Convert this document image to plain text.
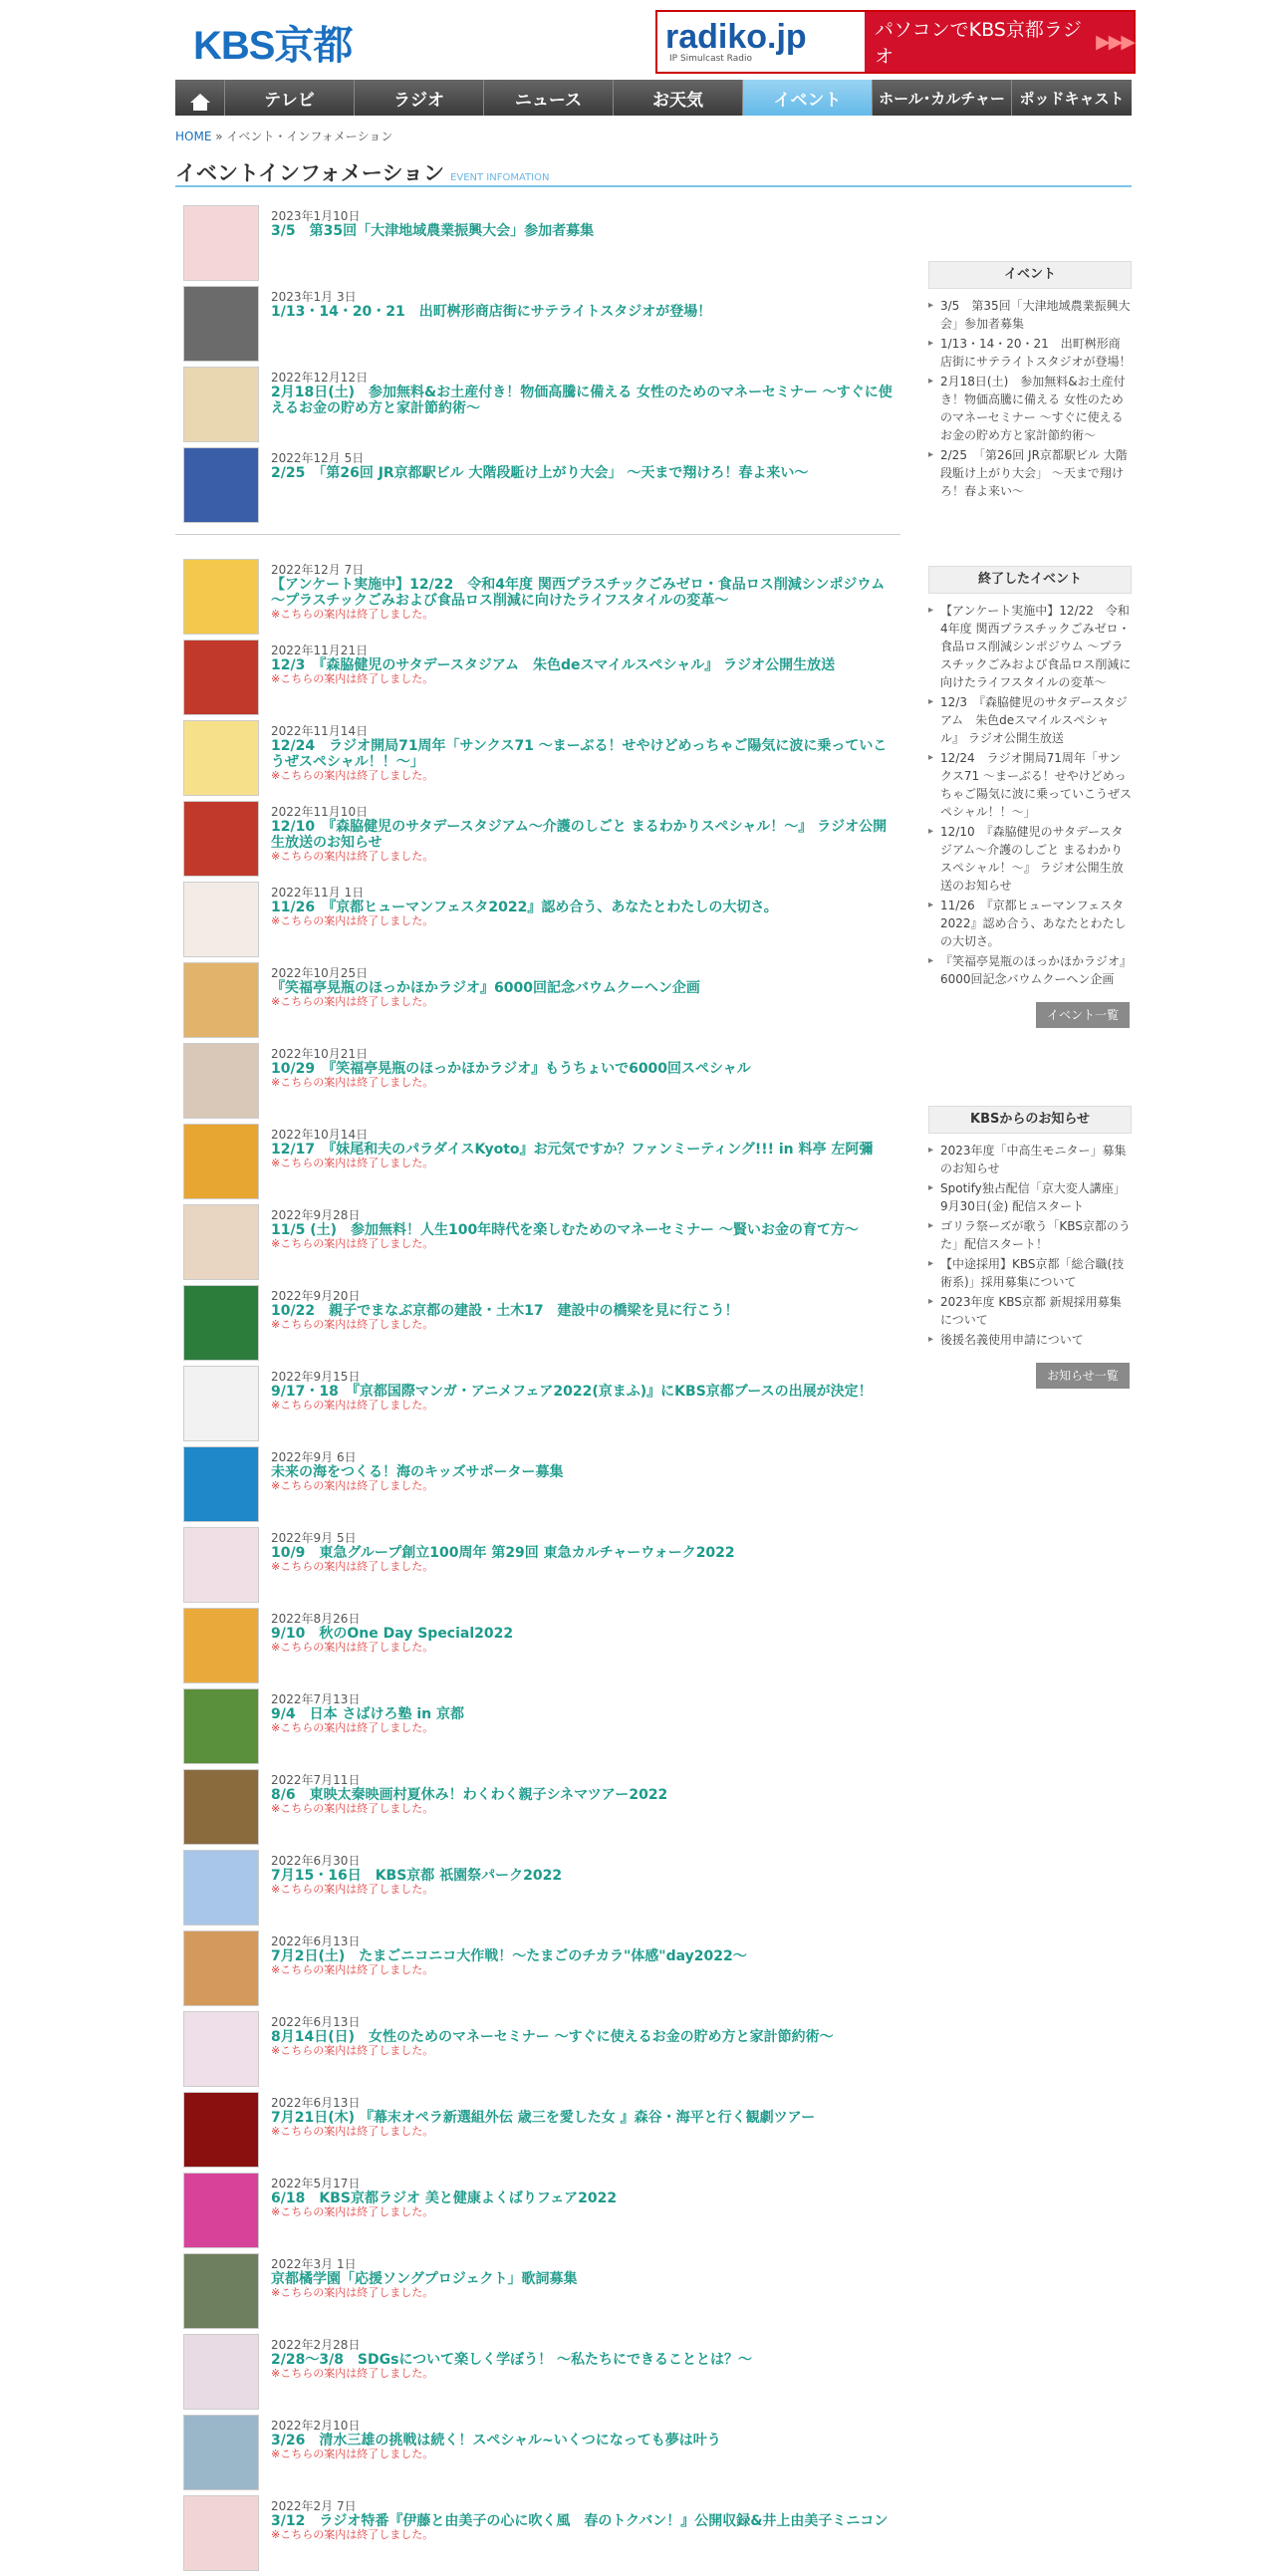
KBS京都	radiko.jp
IP Simulcast Radio
パソコンでKBS京都ラジオ
▶▶▶
テレビ	ラジオ	ニュース	お天気	イベント	ホール･カルチャー ポッドキャスト
HOME » イベント・インフォメーション
イベントインフォメーション EVENT INFOMATION
2023年1月10日
3/5　第35回「大津地域農業振興大会」参加者募集
2023年1月 3日
1/13・14・20・21　出町桝形商店街にサテライトスタジオが登場！
2022年12月12日
2月18日(土)　参加無料&お土産付き！物価高騰に備える 女性のためのマネーセミナー ～すぐに使えるお金の貯め方と家計節約術～
2022年12月 5日
2/25　「第26回 JR京都駅ビル 大階段駈け上がり大会」 ～天まで翔けろ！春よ来い～
2022年12月 7日
【アンケート実施中】12/22　令和4年度 関西プラスチックごみゼロ・食品ロス削減シンポジウム ～プラスチックごみおよび食品ロス削減に向けたライフスタイルの変革～
※こちらの案内は終了しました。
2022年11月21日
12/3　『森脇健児のサタデースタジアム　朱色deスマイルスペシャル』 ラジオ公開生放送
※こちらの案内は終了しました。
2022年11月14日
12/24　ラジオ開局71周年「サンクス71 ～まーぶる！せやけどめっちゃご陽気に波に乗っていこうぜスペシャル！！～」
※こちらの案内は終了しました。
2022年11月10日
12/10　『森脇健児のサタデースタジアム～介護のしごと まるわかりスペシャル！～』 ラジオ公開生放送のお知らせ
※こちらの案内は終了しました。
2022年11月 1日
11/26　『京都ヒューマンフェスタ2022』認め合う、あなたとわたしの大切さ。
※こちらの案内は終了しました。
2022年10月25日
『笑福亭晃瓶のほっかほかラジオ』6000回記念バウムクーヘン企画
※こちらの案内は終了しました。
2022年10月21日
10/29　『笑福亭晃瓶のほっかほかラジオ』もうちょいで6000回スペシャル
※こちらの案内は終了しました。
2022年10月14日
12/17　『妹尾和夫のパラダイスKyoto』お元気ですか？ファンミーティング!!! in 料亭 左阿彌
※こちらの案内は終了しました。
2022年9月28日
11/5 (土)　参加無料！人生100年時代を楽しむためのマネーセミナー ～賢いお金の育て方～
※こちらの案内は終了しました。
2022年9月20日
10/22　親子でまなぶ京都の建設・土木17　建設中の橋梁を見に行こう！
※こちらの案内は終了しました。
2022年9月15日
9/17・18　『京都国際マンガ・アニメフェア2022(京まふ)』にKBS京都ブースの出展が決定！
※こちらの案内は終了しました。
2022年9月 6日
未来の海をつくる！海のキッズサポーター募集
※こちらの案内は終了しました。
2022年9月 5日
10/9　東急グループ創立100周年 第29回 東急カルチャーウォーク2022
※こちらの案内は終了しました。
2022年8月26日
9/10　秋のOne Day Special2022
※こちらの案内は終了しました。
2022年7月13日
9/4　日本 さばけろ塾 in 京都
※こちらの案内は終了しました。
2022年7月11日
8/6　東映太秦映画村夏休み！わくわく親子シネマツアー2022
※こちらの案内は終了しました。
2022年6月30日
7月15・16日　KBS京都 祇園祭パーク2022
※こちらの案内は終了しました。
2022年6月13日
7月2日(土)　たまごニコニコ大作戦！～たまごのチカラ"体感"day2022～
※こちらの案内は終了しました。
2022年6月13日
8月14日(日)　女性のためのマネーセミナー ～すぐに使えるお金の貯め方と家計節約術～
※こちらの案内は終了しました。
2022年6月13日
7月21日(木) 『幕末オペラ新選組外伝 歳三を愛した女 』森谷・海平と行く観劇ツアー
※こちらの案内は終了しました。
2022年5月17日
6/18　KBS京都ラジオ 美と健康よくばりフェア2022
※こちらの案内は終了しました。
2022年3月 1日
京都橘学園「応援ソングプロジェクト」歌詞募集
※こちらの案内は終了しました。
2022年2月28日
2/28～3/8　SDGsについて楽しく学ぼう！ ～私たちにできることとは？～
※こちらの案内は終了しました。
2022年2月10日
3/26　清水三雄の挑戦は続く！スペシャル~いくつになっても夢は叶う
※こちらの案内は終了しました。
2022年2月 7日
3/12　ラジオ特番『伊藤と由美子の心に吹く風　春のトクバン！』公開収録&井上由美子ミニコン
※こちらの案内は終了しました。
イベント
▸ 3/5　第35回「大津地域農業振興大会」参加者募集
▸ 1/13・14・20・21　出町桝形商店街にサテライトスタジオが登場！
▸ 2月18日(土)　参加無料&お土産付き！物価高騰に備える 女性のためのマネーセミナー ～すぐに使えるお金の貯め方と家計節約術～
▸ 2/25　「第26回 JR京都駅ビル 大階段駈け上がり大会」 ～天まで翔けろ！春よ来い～
終了したイベント
▸ 【アンケート実施中】12/22　令和4年度 関西プラスチックごみゼロ・食品ロス削減シンポジウム ～プラスチックごみおよび食品ロス削減に向けたライフスタイルの変革～
▸ 12/3　『森脇健児のサタデースタジアム　朱色deスマイルスペシャル』 ラジオ公開生放送
▸ 12/24　ラジオ開局71周年「サンクス71 ～まーぶる！せやけどめっちゃご陽気に波に乗っていこうぜスペシャル！！～」
▸ 12/10　『森脇健児のサタデースタジアム～介護のしごと まるわかりスペシャル！～』 ラジオ公開生放送のお知らせ
▸ 11/26　『京都ヒューマンフェスタ2022』認め合う、あなたとわたしの大切さ。
▸ 『笑福亭晃瓶のほっかほかラジオ』6000回記念バウムクーヘン企画
イベント一覧
KBSからのお知らせ
▸ 2023年度「中高生モニター」募集のお知らせ
▸ Spotify独占配信「京大変人講座」9月30日(金) 配信スタート
▸ ゴリラ祭ーズが歌う「KBS京都のうた」配信スタート！
▸ 【中途採用】KBS京都「総合職(技術系)」採用募集について
▸ 2023年度 KBS京都 新規採用募集について
▸ 後援名義使用申請について
お知らせ一覧
